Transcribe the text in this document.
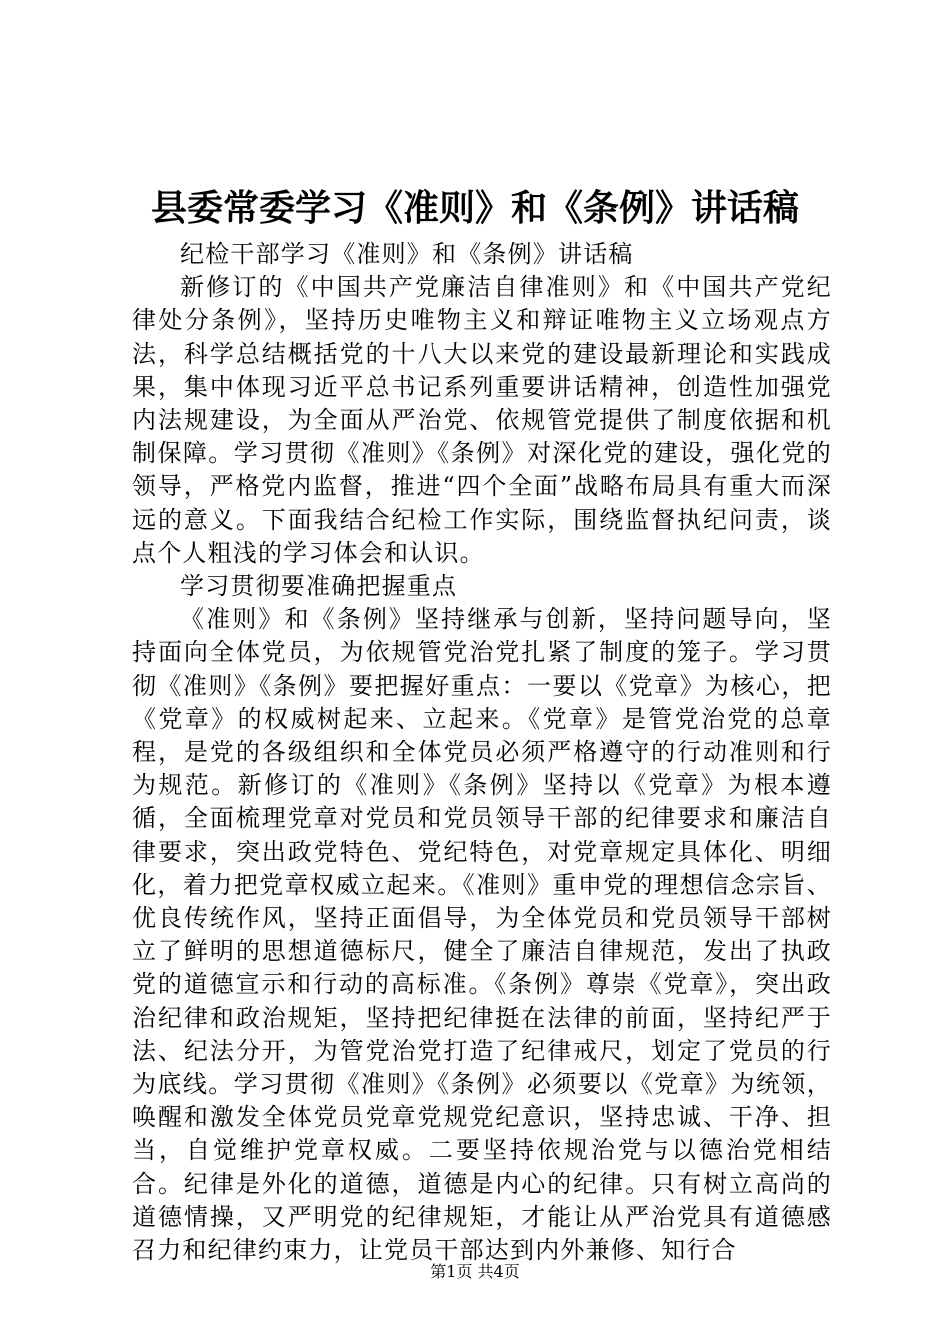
县委常委学习《准则》和《条例》讲话稿

纪检干部学习《准则》和《条例》讲话稿

新修订的《中国共产党廉洁自律准则》和《中国共产党纪律处分条例》，坚持历史唯物主义和辩证唯物主义立场观点方法，科学总结概括党的十八大以来党的建设最新理论和实践成果，集中体现习近平总书记系列重要讲话精神，创造性加强党内法规建设，为全面从严治党、依规管党提供了制度依据和机制保障。学习贯彻《准则》《条例》对深化党的建设，强化党的领导，严格党内监督，推进“四个全面”战略布局具有重大而深远的意义。下面我结合纪检工作实际，围绕监督执纪问责，谈点个人粗浅的学习体会和认识。

学习贯彻要准确把握重点

《准则》和《条例》坚持继承与创新，坚持问题导向，坚持面向全体党员，为依规管党治党扎紧了制度的笼子。学习贯彻《准则》《条例》要把握好重点：一要以《党章》为核心，把《党章》的权威树起来、立起来。《党章》是管党治党的总章程，是党的各级组织和全体党员必须严格遵守的行动准则和行为规范。新修订的《准则》《条例》坚持以《党章》为根本遵循，全面梳理党章对党员和党员领导干部的纪律要求和廉洁自律要求，突出政党特色、党纪特色，对党章规定具体化、明细化，着力把党章权威立起来。《准则》重申党的理想信念宗旨、优良传统作风，坚持正面倡导，为全体党员和党员领导干部树立了鲜明的思想道德标尺，健全了廉洁自律规范，发出了执政党的道德宣示和行动的高标准。《条例》尊崇《党章》，突出政治纪律和政治规矩，坚持把纪律挺在法律的前面，坚持纪严于法、纪法分开，为管党治党打造了纪律戒尺，划定了党员的行为底线。学习贯彻《准则》《条例》必须要以《党章》为统领，唤醒和激发全体党员党章党规党纪意识，坚持忠诚、干净、担当，自觉维护党章权威。二要坚持依规治党与以德治党相结合。纪律是外化的道德，道德是内心的纪律。只有树立高尚的道德情操，又严明党的纪律规矩，才能让从严治党具有道德感召力和纪律约束力，让党员干部达到内外兼修、知行合

第1页 共4页
